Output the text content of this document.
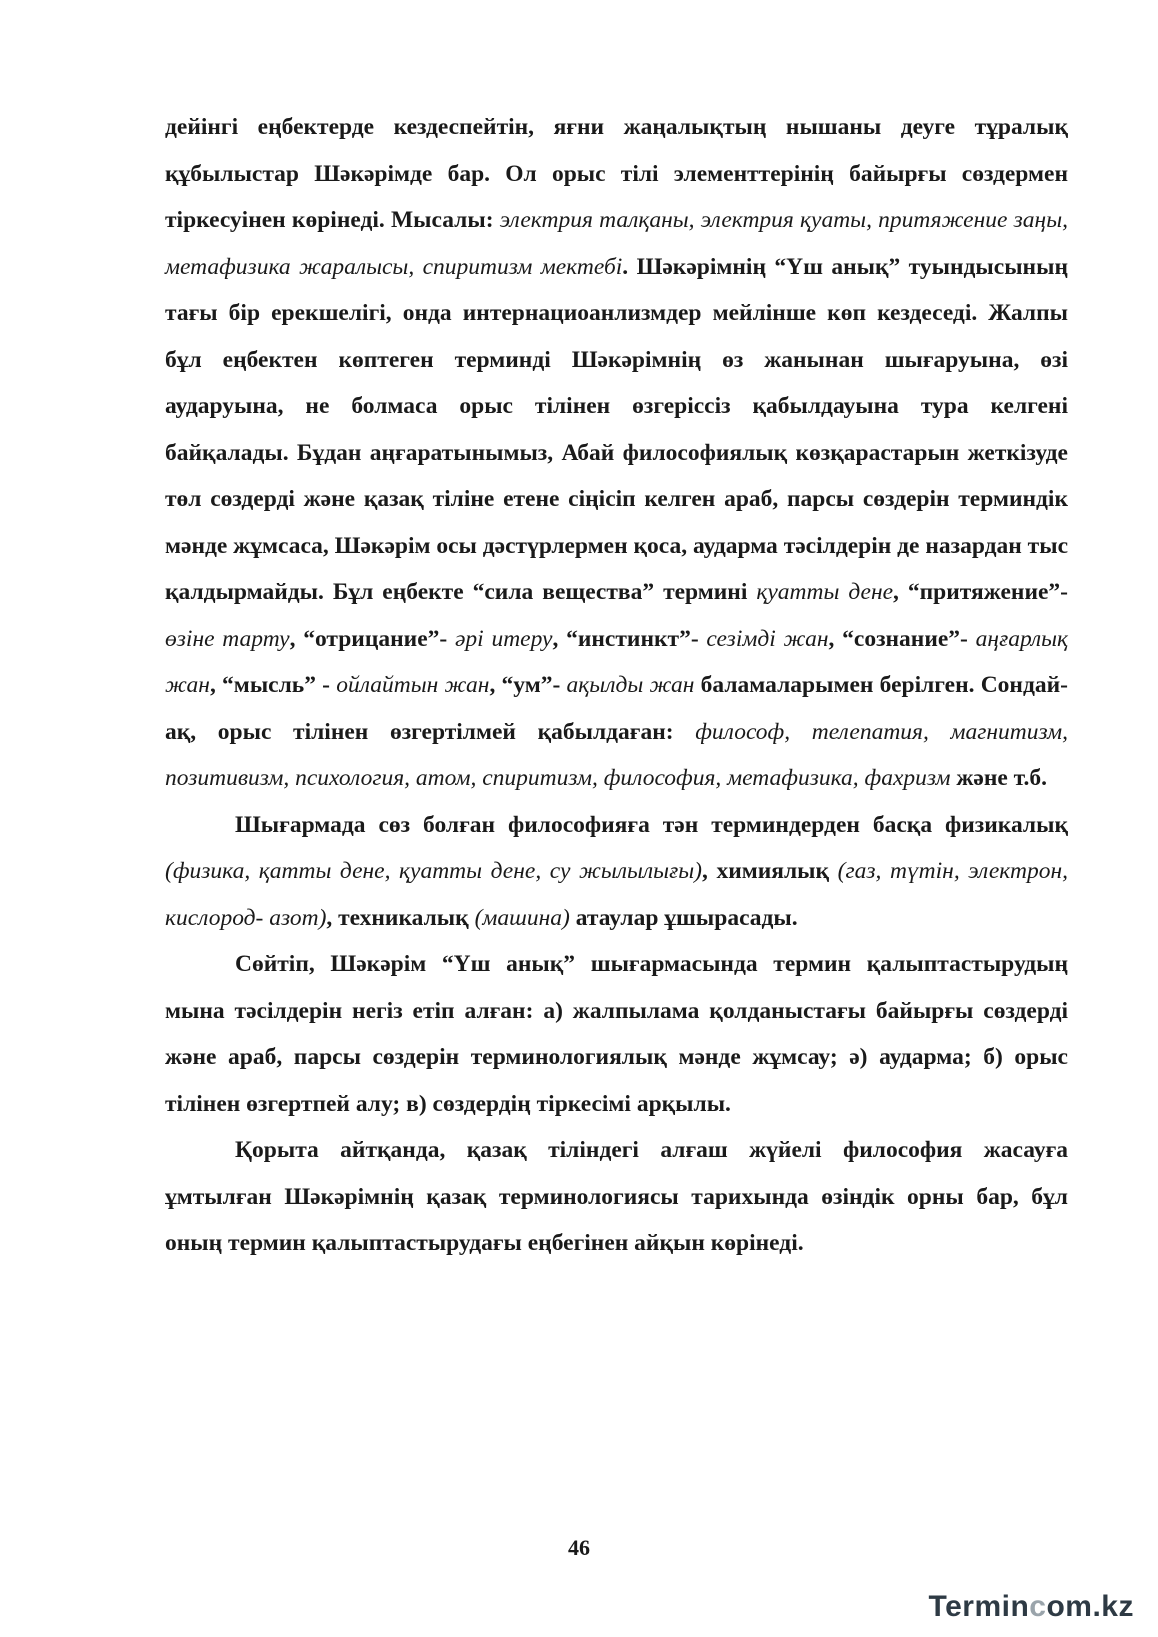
дейінгі еңбектерде кездеспейтін, яғни жаңалықтың нышаны деуге тұралық құбылыстар Шәкәрімде бар. Ол орыс тілі элементтерінің байырғы сөздермен тіркесуінен көрінеді. Мысалы: электрия талқаны, электрия қуаты, притяжение заңы, метафизика жаралысы, спиритизм мектебі. Шәкәрімнің “Үш анық” туындысының тағы бір ерекшелігі, онда интернациоанлизмдер мейлінше көп кездеседі. Жалпы бұл еңбектен көптеген терминді Шәкәрімнің өз жанынан шығаруына, өзі аударуына, не болмаса орыс тілінен өзгеріссіз қабылдауына тура келгені байқалады. Бұдан аңғаратынымыз, Абай философиялық көзқарастарын жеткізуде төл сөздерді және қазақ тіліне етене сіңісіп келген араб, парсы сөздерін терминдік мәнде жұмсаса, Шәкәрім осы дәстүрлермен қоса, аударма тәсілдерін де назардан тыс қалдырмайды. Бұл еңбекте “сила вещества” термині қуатты дене, “притяжение”- өзіне тарту, “отрицание”- әрі итеру, “инстинкт”- сезімді жан, “сознание”- аңғарлық жан, “мысль” - ойлайтын жан, “ум”- ақылды жан баламаларымен берілген. Сондай- ақ, орыс тілінен өзгертілмей қабылдаған: философ, телепатия, магнитизм, позитивизм, психология, атом, спиритизм, философия, метафизика, фахризм және т.б.

Шығармада сөз болған философияға тән терминдерден басқа физикалық (физика, қатты дене, қуатты дене, су жылылығы), химиялық (газ, түтін, электрон, кислород- азот), техникалық (машина) атаулар ұшырасады.

Сөйтіп, Шәкәрім “Үш анық” шығармасында термин қалыптастырудың мына тәсілдерін негіз етіп алған: а) жалпылама қолданыстағы байырғы сөздерді және араб, парсы сөздерін терминологиялық мәнде жұмсау; ә) аударма; б) орыс тілінен өзгертпей алу; в) сөздердің тіркесімі арқылы.

Қорыта айтқанда, қазақ тіліндегі алғаш жүйелі философия жасауға ұмтылған Шәкәрімнің қазақ терминологиясы тарихында өзіндік орны бар, бұл оның термин қалыптастырудағы еңбегінен айқын көрінеді.

46
Termincom.kz
